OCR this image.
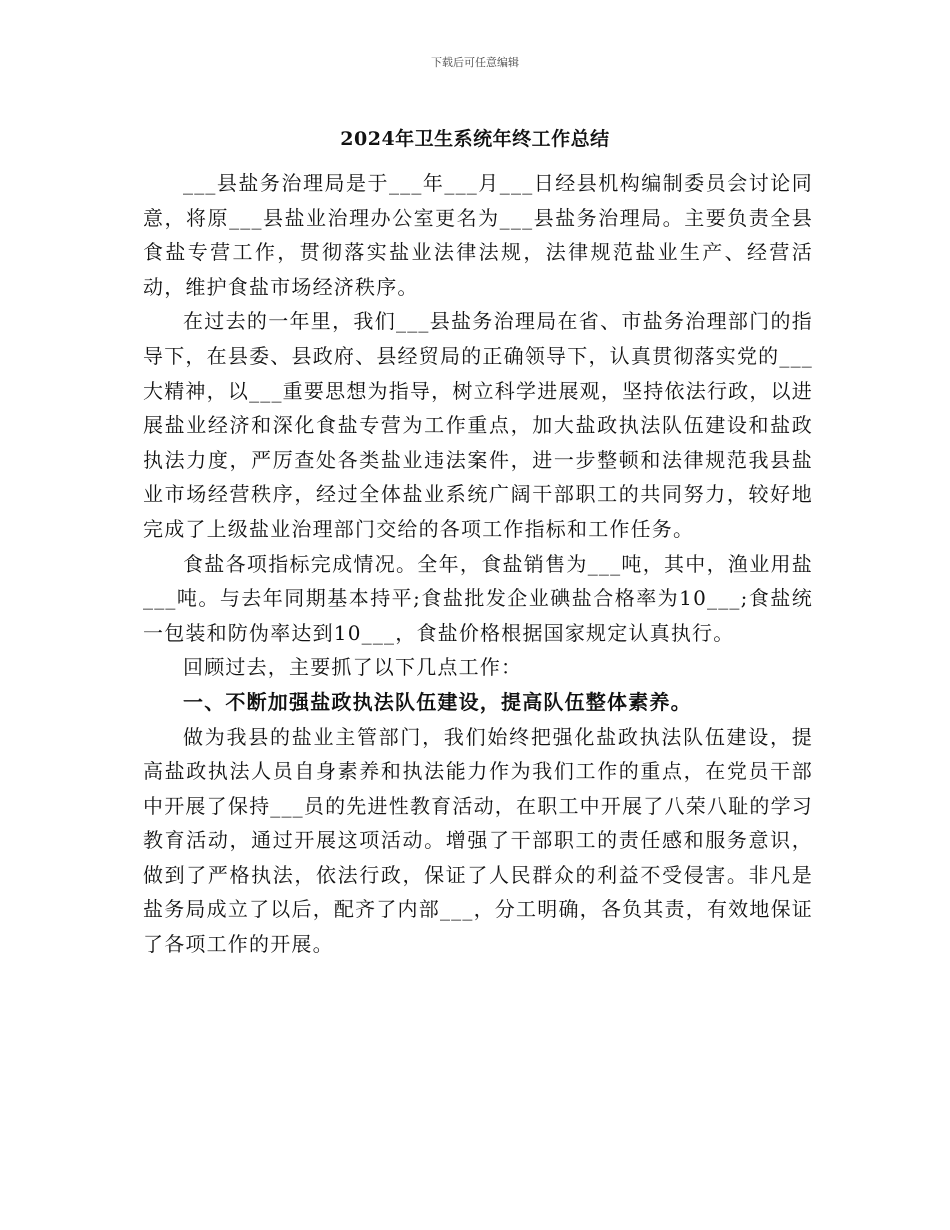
下载后可任意编辑
2024年卫生系统年终工作总结

___县盐务治理局是于___年___月___日经县机构编制委员会讨论同意，将原___县盐业治理办公室更名为___县盐务治理局。主要负责全县食盐专营工作，贯彻落实盐业法律法规，法律规范盐业生产、经营活动，维护食盐市场经济秩序。

在过去的一年里，我们___县盐务治理局在省、市盐务治理部门的指导下，在县委、县政府、县经贸局的正确领导下，认真贯彻落实党的___大精神，以___重要思想为指导，树立科学进展观，坚持依法行政，以进展盐业经济和深化食盐专营为工作重点，加大盐政执法队伍建设和盐政执法力度，严厉查处各类盐业违法案件，进一步整顿和法律规范我县盐业市场经营秩序，经过全体盐业系统广阔干部职工的共同努力，较好地完成了上级盐业治理部门交给的各项工作指标和工作任务。

食盐各项指标完成情况。全年，食盐销售为___吨，其中，渔业用盐___吨。与去年同期基本持平;食盐批发企业碘盐合格率为10___;食盐统一包装和防伪率达到10___，食盐价格根据国家规定认真执行。

回顾过去，主要抓了以下几点工作：

一、不断加强盐政执法队伍建设，提高队伍整体素养。

做为我县的盐业主管部门，我们始终把强化盐政执法队伍建设，提高盐政执法人员自身素养和执法能力作为我们工作的重点，在党员干部中开展了保持___员的先进性教育活动，在职工中开展了八荣八耻的学习教育活动，通过开展这项活动。增强了干部职工的责任感和服务意识，做到了严格执法，依法行政，保证了人民群众的利益不受侵害。非凡是盐务局成立了以后，配齐了内部___，分工明确，各负其责，有效地保证了各项工作的开展。
